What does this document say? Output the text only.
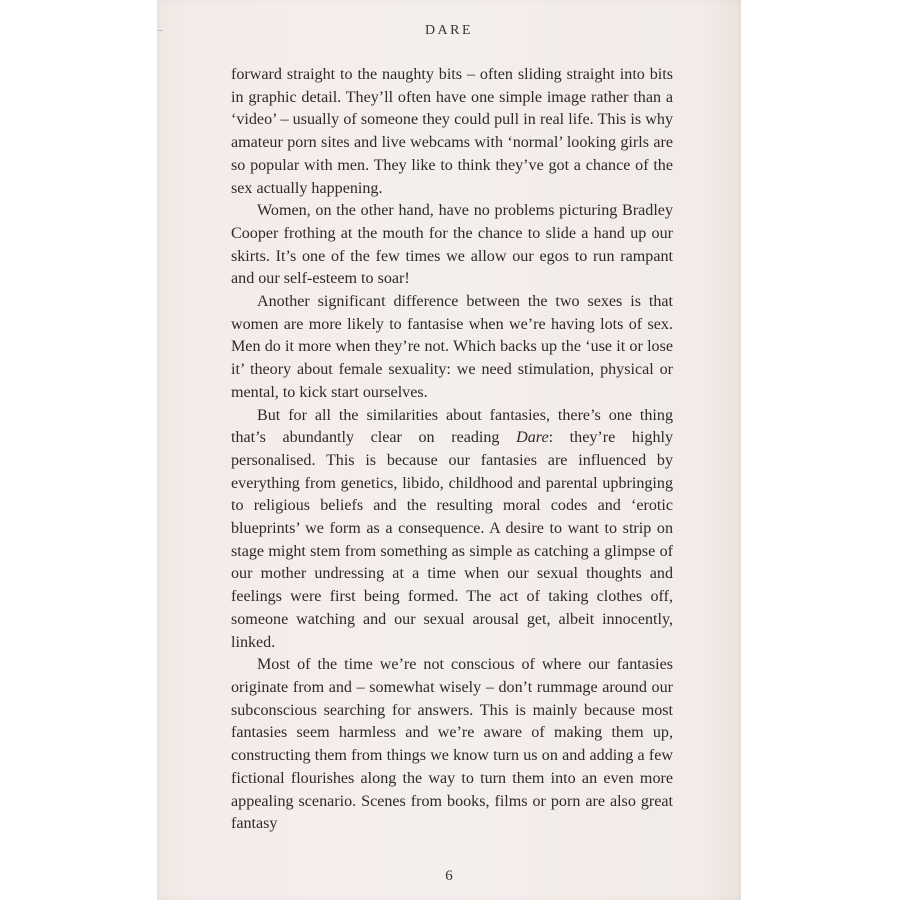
DARE

forward straight to the naughty bits – often sliding straight into bits in graphic detail. They’ll often have one simple image rather than a ‘video’ – usually of someone they could pull in real life. This is why amateur porn sites and live webcams with ‘normal’ looking girls are so popular with men. They like to think they’ve got a chance of the sex actually happening.

Women, on the other hand, have no problems picturing Bradley Cooper frothing at the mouth for the chance to slide a hand up our skirts. It’s one of the few times we allow our egos to run rampant and our self-esteem to soar!

Another significant difference between the two sexes is that women are more likely to fantasise when we’re having lots of sex. Men do it more when they’re not. Which backs up the ‘use it or lose it’ theory about female sexuality: we need stimulation, physical or mental, to kick start ourselves.

But for all the similarities about fantasies, there’s one thing that’s abundantly clear on reading Dare: they’re highly personalised. This is because our fantasies are influenced by everything from genetics, libido, childhood and parental upbringing to religious beliefs and the resulting moral codes and ‘erotic blueprints’ we form as a consequence. A desire to want to strip on stage might stem from something as simple as catching a glimpse of our mother undressing at a time when our sexual thoughts and feelings were first being formed. The act of taking clothes off, someone watching and our sexual arousal get, albeit innocently, linked.

Most of the time we’re not conscious of where our fantasies originate from and – somewhat wisely – don’t rummage around our subconscious searching for answers. This is mainly because most fantasies seem harmless and we’re aware of making them up, constructing them from things we know turn us on and adding a few fictional flourishes along the way to turn them into an even more appealing scenario. Scenes from books, films or porn are also great fantasy

6
